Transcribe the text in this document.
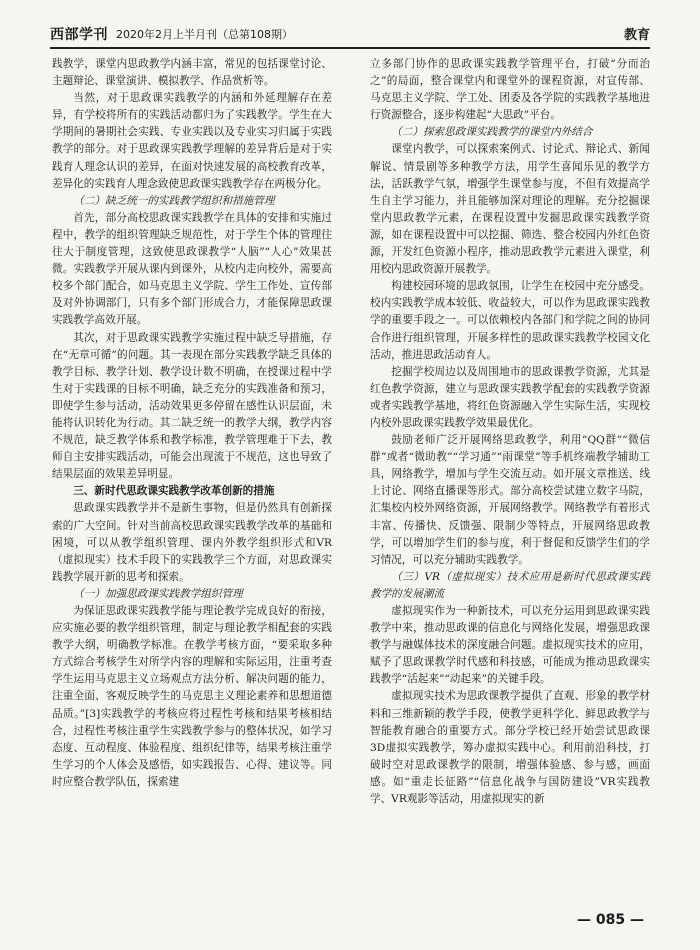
西部学刊 2020年2月上半月刊（总第108期）	教育

践教学，课堂内思政教学内涵丰富，常见的包括课堂讨论、主题辩论、课堂演讲、模拟教学、作品赏析等。

当然，对于思政课实践教学的内涵和外延理解存在差异，有学校将所有的实践活动都归为了实践教学。学生在大学期间的暑期社会实践、专业实践以及专业实习归属于实践教学的部分。对于思政课实践教学理解的差异背后是对于实践育人理念认识的差异，在面对快速发展的高校教育改革，差异化的实践育人理念致使思政课实践教学存在两极分化。

（二）缺乏统一的实践教学组织和措施管理

首先，部分高校思政课实践教学在具体的安排和实施过程中，教学的组织管理缺乏规范性，对于学生个体的管理往往大于制度管理，这致使思政课教学“人脑”“人心”效果甚微。实践教学开展从课内到课外，从校内走向校外，需要高校多个部门配合，如马克思主义学院、学生工作处、宣传部及对外协调部门，只有多个部门形成合力，才能保障思政课实践教学高效开展。

其次，对于思政课实践教学实施过程中缺乏导措施，存在“无章可循”的问题。其一表现在部分实践教学缺乏具体的教学目标、教学计划、教学设计数不明确，在授课过程中学生对于实践课的目标不明确，缺乏充分的实践准备和预习，即使学生参与活动，活动效果更多停留在感性认识层面，未能将认识转化为行动。其二缺乏统一的教学大纲，教学内容不规范，缺乏教学体系和教学标准，教学管理难于下去，教师自主安排实践活动，可能会出现流于不规范，这也导致了结果层面的效果差异明显。

三、新时代思政课实践教学改革创新的措施

思政课实践教学并不是新生事物，但是仍然具有创新探索的广大空间。针对当前高校思政课实践教学改革的基础和困境，可以从教学组织管理、课内外教学组织形式和VR（虚拟现实）技术手段下的实践教学三个方面，对思政课实践教学展开新的思考和探索。

（一）加强思政课实践教学组织管理

为保证思政课实践教学能与理论教学完成良好的衔接，应实施必要的教学组织管理，制定与理论教学相配套的实践教学大纲，明确教学标准。在教学考核方面，“要采取多种方式综合考核学生对所学内容的理解和实际运用，注重考查学生运用马克思主义立场观点方法分析、解决问题的能力，注重全面、客观反映学生的马克思主义理论素养和思想道德品质。”[3]实践教学的考核应将过程性考核和结果考核相结合，过程性考核注重学生实践教学参与的整体状况，如学习态度、互动程度、体验程度、组织纪律等，结果考核注重学生学习的个人体会及感悟，如实践报告、心得、建议等。同时应整合教学队伍，探索建

立多部门协作的思政课实践教学管理平台，打破“分而治之”的局面，整合课堂内和课堂外的课程资源，对宣传部、马克思主义学院、学工处、团委及各学院的实践教学基地进行资源整合，逐步构建起“大思政”平台。

（二）探索思政课实践教学的课堂内外结合

课堂内教学，可以探索案例式、讨论式、辩论式、新闻解说、情景剧等多种教学方法，用学生喜闻乐见的教学方法，活跃教学气氛，增强学生课堂参与度，不但有效提高学生自主学习能力，并且能够加深对理论的理解。充分挖掘课堂内思政教学元素，在课程设置中发掘思政课实践教学资源，如在课程设置中可以挖掘、筛选、整合校园内外红色资源，开发红色资源小程序，推动思政教学元素进入课堂，利用校内思政资源开展教学。

构建校园环境的思政氛围，让学生在校园中充分感受。校内实践教学成本较低、收益较大，可以作为思政课实践教学的重要手段之一。可以依赖校内各部门和学院之间的协同合作进行组织管理，开展多样性的思政课实践教学校园文化活动，推进思政活动育人。

挖掘学校周边以及周围地市的思政课教学资源，尤其是红色教学资源，建立与思政课实践教学配套的实践教学资源或者实践教学基地，将红色资源融入学生实际生活，实现校内校外思政课实践教学效果最优化。

鼓励老师广泛开展网络思政教学，利用“QQ群”“微信群”或者“微助教”“学习通”“雨课堂”等手机终端教学辅助工具，网络教学，增加与学生交流互动。如开展文章推送、线上讨论、网络直播课等形式。部分高校尝试建立数字马院，汇集校内校外网络资源，开展网络教学。网络教学有着形式丰富、传播快、反馈强、限制少等特点，开展网络思政教学，可以增加学生们的参与度，利于督促和反馈学生们的学习情况，可以充分辅助实践教学。

（三）VR（虚拟现实）技术应用是新时代思政课实践教学的发展潮流

虚拟现实作为一种新技术，可以充分运用到思政课实践教学中来，推动思政课的信息化与网络化发展，增强思政课教学与融媒体技术的深度融合问题。虚拟现实技术的应用，赋予了思政课教学时代感和科技感，可能成为推动思政课实践教学“活起来”“动起来”的关键手段。

虚拟现实技术为思政课教学提供了直观、形象的教学材料和三维新颖的教学手段，使教学更科学化、鲜思政教学与智能教育融合的重要方式。部分学校已经开始尝试思政课3D虚拟实践教学，筹办虚拟实践中心。利用前沿科技，打破时空对思政课教学的限制，增强体验感、参与感，画面感。如“重走长征路”“信息化战争与国防建设”VR实践教学、VR观影等活动，用虚拟现实的新

— 085 —
